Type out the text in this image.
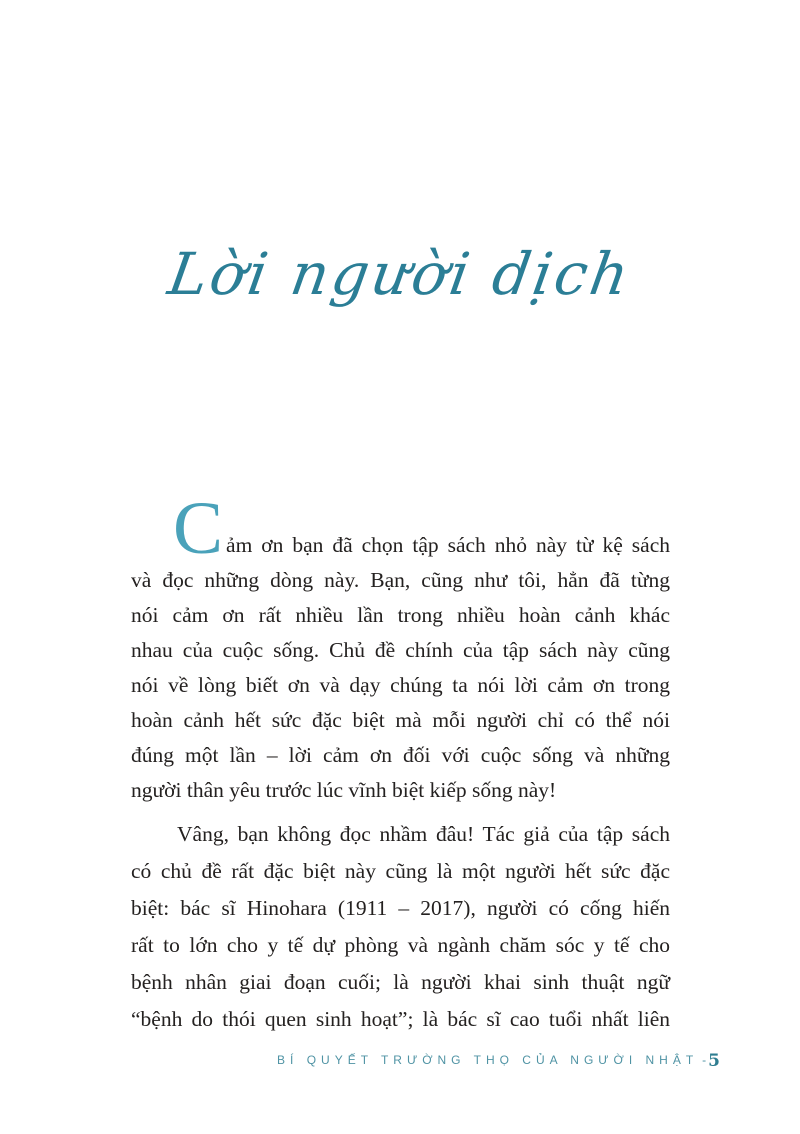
Lời người dịch
Cảm ơn bạn đã chọn tập sách nhỏ này từ kệ sách
và đọc những dòng này. Bạn, cũng như tôi, hẳn đã từng
nói cảm ơn rất nhiều lần trong nhiều hoàn cảnh khác
nhau của cuộc sống. Chủ đề chính của tập sách này cũng
nói về lòng biết ơn và dạy chúng ta nói lời cảm ơn trong
hoàn cảnh hết sức đặc biệt mà mỗi người chỉ có thể nói
đúng một lần – lời cảm ơn đối với cuộc sống và những
người thân yêu trước lúc vĩnh biệt kiếp sống này!
Vâng, bạn không đọc nhầm đâu! Tác giả của tập sách
có chủ đề rất đặc biệt này cũng là một người hết sức đặc
biệt: bác sĩ Hinohara (1911 – 2017), người có cống hiến
rất to lớn cho y tế dự phòng và ngành chăm sóc y tế cho
bệnh nhân giai đoạn cuối; là người khai sinh thuật ngữ
“bệnh do thói quen sinh hoạt”; là bác sĩ cao tuổi nhất liên
BÍ QUYẾT TRƯỜNG THỌ CỦA NGƯỜI NHẬT - 5
